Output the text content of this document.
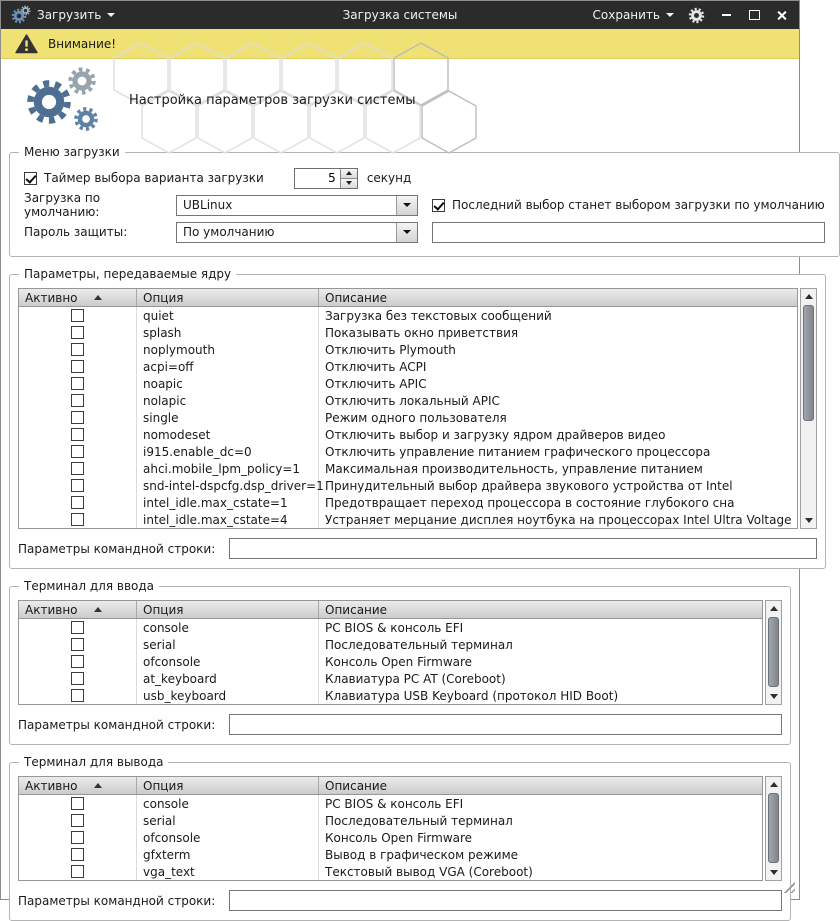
Загрузить	Загрузка системы	Сохранить
Внимание!
Настройка параметров загрузки системы
Меню загрузки
Таймер выбора варианта загрузки
5	секунд
Загрузка по умолчанию:	UBLinux	Последний выбор станет выбором загрузки по умолчанию
Пароль защиты:	По умолчанию
Параметры, передаваемые ядру
Активно	Опция	Описание
quiet	Загрузка без текстовых сообщений
splash	Показывать окно приветствия
noplymouth	Отключить Plymouth
acpi=off	Отключить ACPI
noapic	Отключить APIC
nolapic	Отключить локальный APIC
single	Режим одного пользователя
nomodeset	Отключить выбор и загрузку ядром драйверов видео
i915.enable_dc=0	Отключить управление питанием графического процессора
ahci.mobile_lpm_policy=1	Максимальная производительность, управление питанием
snd-intel-dspcfg.dsp_driver=1 Принудительный выбор драйвера звукового устройства от Intel
intel_idle.max_cstate=1	Предотвращает переход процессора в состояние глубокого сна
intel_idle.max_cstate=4	Устраняет мерцание дисплея ноутбука на процессорах Intel Ultra Voltage
Параметры командной строки:
Терминал для ввода
Активно	Опция	Описание
console	PC BIOS & консоль EFI
serial	Последовательный терминал
ofconsole	Консоль Open Firmware
at_keyboard	Клавиатура PC AT (Coreboot)
usb_keyboard	Клавиатура USB Keyboard (протокол HID Boot)
Параметры командной строки:
Терминал для вывода
Активно	Опция	Описание
console	PC BIOS & консоль EFI
serial	Последовательный терминал
ofconsole	Консоль Open Firmware
gfxterm	Вывод в графическом режиме
vga_text	Текстовый вывод VGA (Coreboot)
Параметры командной строки:
